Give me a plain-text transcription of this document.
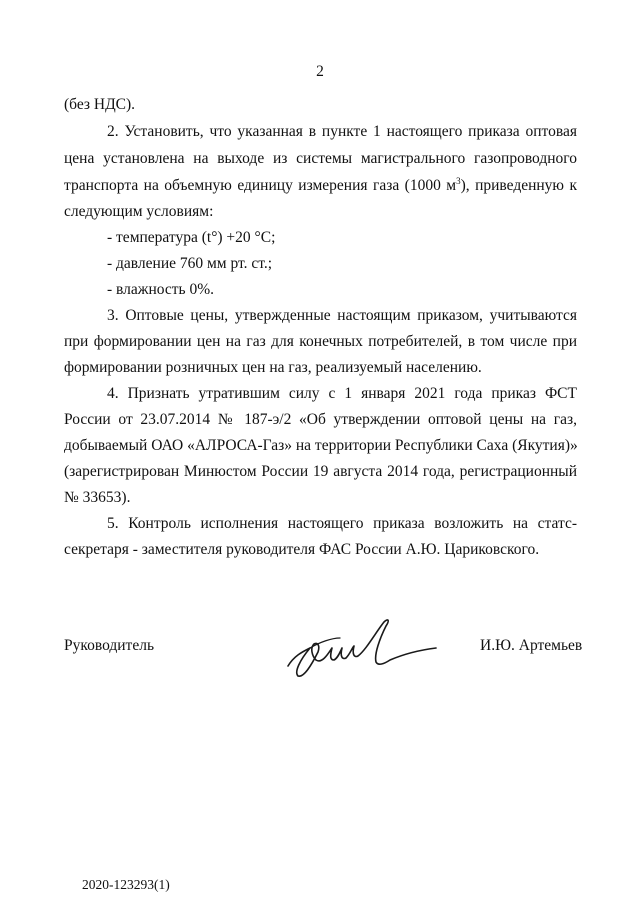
2
(без НДС).
2. Установить, что указанная в пункте 1 настоящего приказа оптовая
цена установлена на выходе из системы магистрального газопроводного
транспорта на объемную единицу измерения газа (1000 $м^3$), приведенную к
следующим условиям:
- температура (t°) +20 °С;
- давление 760 мм рт. ст.;
- влажность 0%.
3. Оптовые цены, утвержденные настоящим приказом, учитываются
при формировании цен на газ для конечных потребителей, в том числе при
формировании розничных цен на газ, реализуемый населению.
4. Признать утратившим силу с 1 января 2021 года приказ ФСТ
России от 23.07.2014 № 187-э/2 «Об утверждении оптовой цены на газ,
добываемый ОАО «АЛРОСА-Газ» на территории Республики Саха (Якутия)»
(зарегистрирован Минюстом России 19 августа 2014 года, регистрационный
№ 33653).
5. Контроль исполнения настоящего приказа возложить на статс-
секретаря - заместителя руководителя ФАС России А.Ю. Цариковского.
Руководитель	И.Ю. Артемьев
2020-123293(1)
